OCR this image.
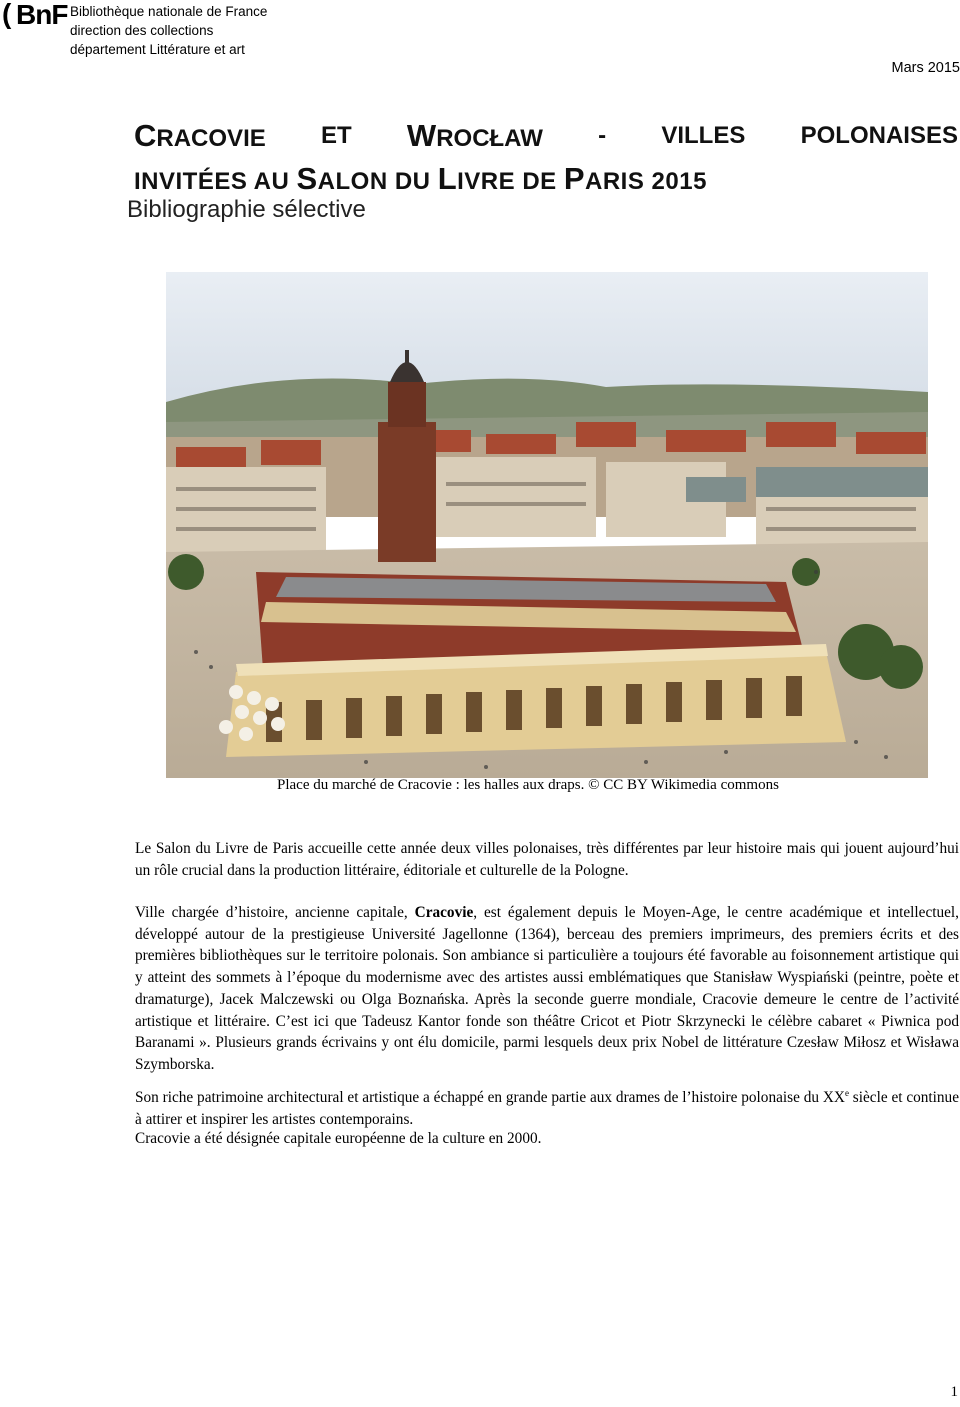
( BnF Bibliothèque nationale de France
direction des collections
département Littérature et art
Mars 2015
CRACOVIE ET WROCŁAW - VILLES POLONAISES
INVITÉES AU SALON DU LIVRE DE PARIS 2015
Bibliographie sélective
Place du marché de Cracovie : les halles aux draps. © CC BY Wikimedia commons
Le Salon du Livre de Paris accueille cette année deux villes polonaises, très différentes par leur histoire mais qui jouent aujourd’hui un rôle crucial dans la production littéraire, éditoriale et culturelle de la Pologne.
Ville chargée d’histoire, ancienne capitale, Cracovie, est également depuis le Moyen-Age, le centre académique et intellectuel, développé autour de la prestigieuse Université Jagellonne (1364), berceau des premiers imprimeurs, des premiers écrits et des premières bibliothèques sur le territoire polonais. Son ambiance si particulière a toujours été favorable au foisonnement artistique qui y atteint des sommets à l’époque du modernisme avec des artistes aussi emblématiques que Stanisław Wyspiański (peintre, poète et dramaturge), Jacek Malczewski ou Olga Boznańska. Après la seconde guerre mondiale, Cracovie demeure le centre de l’activité artistique et littéraire. C’est ici que Tadeusz Kantor fonde son théâtre Cricot et Piotr Skrzynecki le célèbre cabaret « Piwnica pod Baranami ». Plusieurs grands écrivains y ont élu domicile, parmi lesquels deux prix Nobel de littérature Czesław Miłosz et Wisława Szymborska.
Son riche patrimoine architectural et artistique a échappé en grande partie aux drames de l’histoire polonaise du XXe siècle et continue à attirer et inspirer les artistes contemporains.
Cracovie a été désignée capitale européenne de la culture en 2000.
1
